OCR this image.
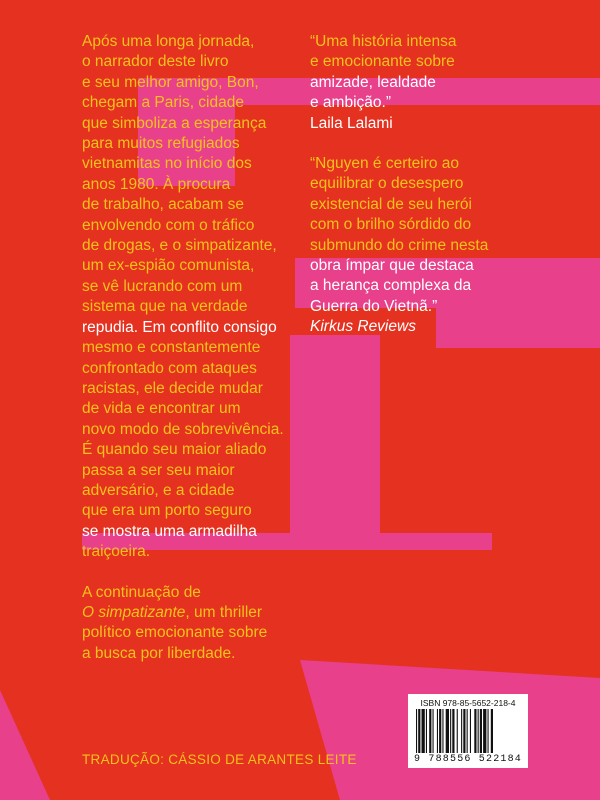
Após uma longa jornada,
o narrador deste livro
e seu melhor amigo, Bon,
chegam a Paris, cidade
que simboliza a esperança
para muitos refugiados
vietnamitas no início dos
anos 1980. À procura
de trabalho, acabam se
envolvendo com o tráfico
de drogas, e o simpatizante,
um ex-espião comunista,
se vê lucrando com um
sistema que na verdade
repudia. Em conflito consigo
mesmo e constantemente
confrontado com ataques
racistas, ele decide mudar
de vida e encontrar um
novo modo de sobrevivência.
É quando seu maior aliado
passa a ser seu maior
adversário, e a cidade
que era um porto seguro
se mostra uma armadilha
traiçoeira.

A continuação de
O simpatizante, um thriller
político emocionante sobre
a busca por liberdade.

“Uma história intensa
e emocionante sobre
amizade, lealdade
e ambição.”
Laila Lalami

“Nguyen é certeiro ao
equilibrar o desespero
existencial de seu herói
com o brilho sórdido do
submundo do crime nesta
obra ímpar que destaca
a herança complexa da
Guerra do Vietnã.”
Kirkus Reviews

TRADUÇÃO: CÁSSIO DE ARANTES LEITE
ISBN 978-85-5652-218-4
9 788556 522184
